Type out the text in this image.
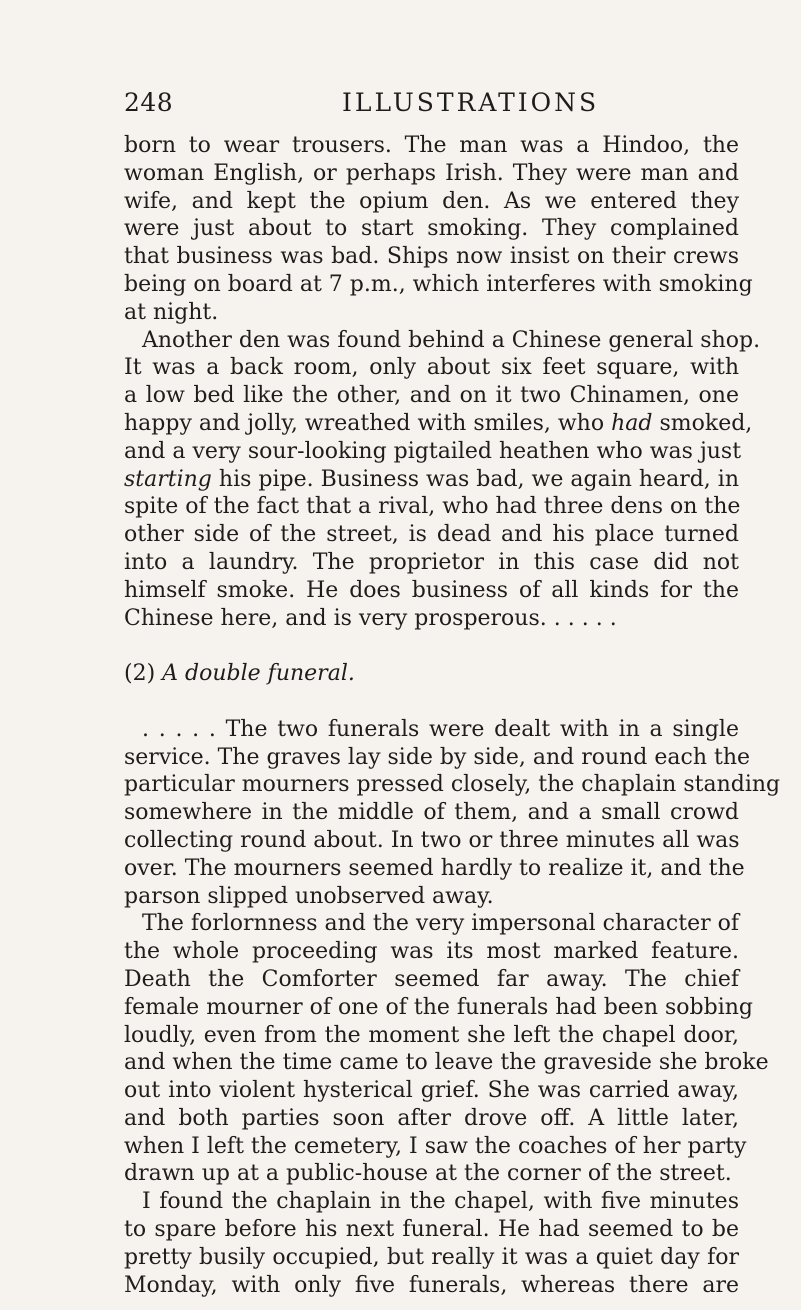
248	ILLUSTRATIONS
born to wear trousers. The man was a Hindoo, the
woman English, or perhaps Irish. They were man and
wife, and kept the opium den. As we entered they
were just about to start smoking. They complained
that business was bad. Ships now insist on their crews
being on board at 7 p.m., which interferes with smoking
at night.
Another den was found behind a Chinese general shop.
It was a back room, only about six feet square, with
a low bed like the other, and on it two Chinamen, one
happy and jolly, wreathed with smiles, who had smoked,
and a very sour-looking pigtailed heathen who was just
starting his pipe. Business was bad, we again heard, in
spite of the fact that a rival, who had three dens on the
other side of the street, is dead and his place turned
into a laundry. The proprietor in this case did not
himself smoke. He does business of all kinds for the
Chinese here, and is very prosperous. . . . . .
(2) A double funeral.
. . . . . The two funerals were dealt with in a single
service. The graves lay side by side, and round each the
particular mourners pressed closely, the chaplain standing
somewhere in the middle of them, and a small crowd
collecting round about. In two or three minutes all was
over. The mourners seemed hardly to realize it, and the
parson slipped unobserved away.
The forlornness and the very impersonal character of
the whole proceeding was its most marked feature.
Death the Comforter seemed far away. The chief
female mourner of one of the funerals had been sobbing
loudly, even from the moment she left the chapel door,
and when the time came to leave the graveside she broke
out into violent hysterical grief. She was carried away,
and both parties soon after drove off. A little later,
when I left the cemetery, I saw the coaches of her party
drawn up at a public-house at the corner of the street.
I found the chaplain in the chapel, with five minutes
to spare before his next funeral. He had seemed to be
pretty busily occupied, but really it was a quiet day for
Monday, with only five funerals, whereas there are
